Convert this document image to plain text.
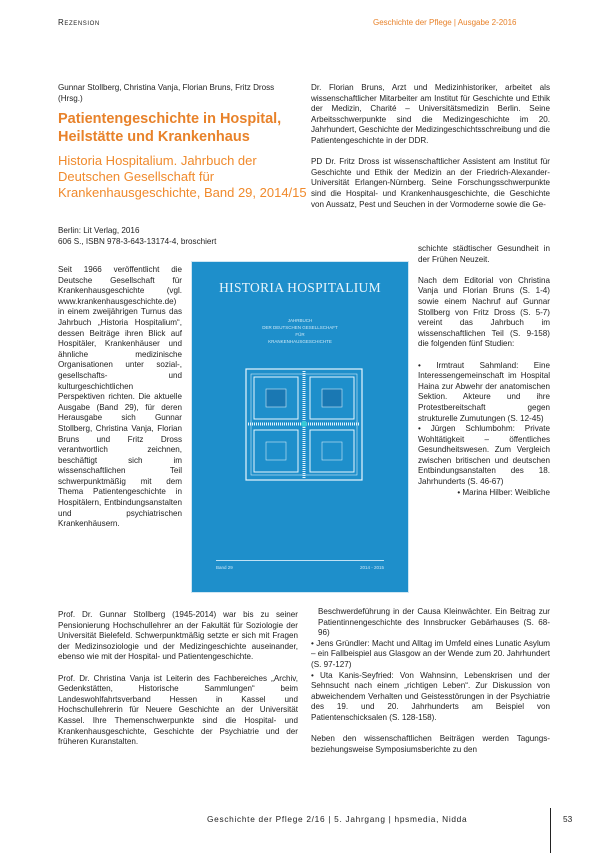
Rezension	Geschichte der Pflege | Ausgabe 2-2016
Gunnar Stollberg, Christina Vanja, Florian Bruns, Fritz Dross (Hrsg.)
Patientengeschichte in Hospital, Heilstätte und Krankenhaus
Historia Hospitalium. Jahrbuch der Deutschen Gesellschaft für Krankenhausgeschichte, Band 29, 2014/15

Berlin: Lit Verlag, 2016

606 S., ISBN 978-3-643-13174-4, broschiert

HISTORIA HOSPITALIUM
JAHRBUCH
DER DEUTSCHEN GESELLSCHAFT
FÜR
KRANKENHAUSGESCHICHTE
Band 29	2014 - 2015
Seit 1966 veröffentlicht die Deutsche Gesellschaft für Krankenhausgeschichte (vgl. www.krankenhausgeschichte.de) in einem zweijährigen Turnus das Jahrbuch „Historia Hospitalium“, dessen Beiträge ihren Blick auf Hospitäler, Krankenhäuser und ähnliche medizinische Organisationen unter sozial-, gesellschafts- und kulturgeschichtlichen Perspektiven richten. Die aktuelle Ausgabe (Band 29), für deren Herausgabe sich Gunnar Stollberg, Christina Vanja, Florian Bruns und Fritz Dross verantwortlich zeichnen, beschäftigt sich im wissenschaftlichen Teil schwerpunktmäßig mit dem Thema Patientengeschichte in Hospitälern, Entbindungsanstalten und psychiatrischen Krankenhäusern.

Prof. Dr. Gunnar Stollberg (1945-2014) war bis zu seiner Pensionierung Hochschullehrer an der Fakultät für Soziologie der Universität Bielefeld. Schwerpunktmäßig setzte er sich mit Fragen der Medizinsoziologie und der Medizingeschichte auseinander, ebenso wie mit der Hospital- und Patientengeschichte.

Prof. Dr. Christina Vanja ist Leiterin des Fachbereiches „Archiv, Gedenkstätten, Historische Sammlungen“ beim Landeswohlfahrtsverband Hessen in Kassel und Hochschullehrerin für Neuere Geschichte an der Universität Kassel. Ihre Themenschwerpunkte sind die Hospital- und Krankenhausgeschichte, Geschichte der Psychiatrie und der früheren Kuranstalten.

Dr. Florian Bruns, Arzt und Medizinhistoriker, arbeitet als wissenschaftlicher Mitarbeiter am Institut für Geschichte und Ethik der Medizin, Charité – Universitätsmedizin Berlin. Seine Arbeitsschwerpunkte sind die Medizingeschichte im 20. Jahrhundert, Geschichte der Medizingeschichtsschreibung und die Patientengeschichte in der DDR.

PD Dr. Fritz Dross ist wissenschaftlicher Assistent am Institut für Geschichte und Ethik der Medizin an der Friedrich-Alexander-Universität Erlangen-Nürnberg. Seine Forschungsschwerpunkte sind die Hospital- und Krankenhausgeschichte, die Geschichte von Aussatz, Pest und Seuchen in der Vormoderne sowie die Ge-

schichte städtischer Gesundheit in der Frühen Neuzeit.

Nach dem Editorial von Christina Vanja und Florian Bruns (S. 1-4) sowie einem Nachruf auf Gunnar Stollberg von Fritz Dross (S. 5-7) vereint das Jahrbuch im wissenschaftlichen Teil (S. 9-158) die folgenden fünf Studien:

• Irmtraut Sahmland: Eine Interessengemeinschaft im Hospital Haina zur Abwehr der anatomischen Sektion. Akteure und ihre Protestbereitschaft gegen strukturelle Zumutungen (S. 12-45)

• Jürgen Schlumbohm: Private Wohltätigkeit – öffentliches Gesundheitswesen. Zum Vergleich zwischen britischen und deutschen Entbindungsanstalten des 18. Jahrhunderts (S. 46-67)

• Marina Hilber: Weibliche

Beschwerdeführung in der Causa Kleinwächter. Ein Beitrag zur Patientinnengeschichte des Innsbrucker Gebärhauses (S. 68-96)

• Jens Gründler: Macht und Alltag im Umfeld eines Lunatic Asylum – ein Fallbeispiel aus Glasgow an der Wende zum 20. Jahrhundert (S. 97-127)

• Uta Kanis-Seyfried: Von Wahnsinn, Lebenskrisen und der Sehnsucht nach einem „richtigen Leben“. Zur Diskussion von abweichendem Verhalten und Geistesstörungen in der Psychiatrie des 19. und 20. Jahrhunderts am Beispiel von Patientenschicksalen (S. 128-158).

Neben den wissenschaftlichen Beiträgen werden Tagungs- beziehungsweise Symposiumsberichte zu den

Geschichte der Pflege 2/16 | 5. Jahrgang | hpsmedia, Nidda	53
